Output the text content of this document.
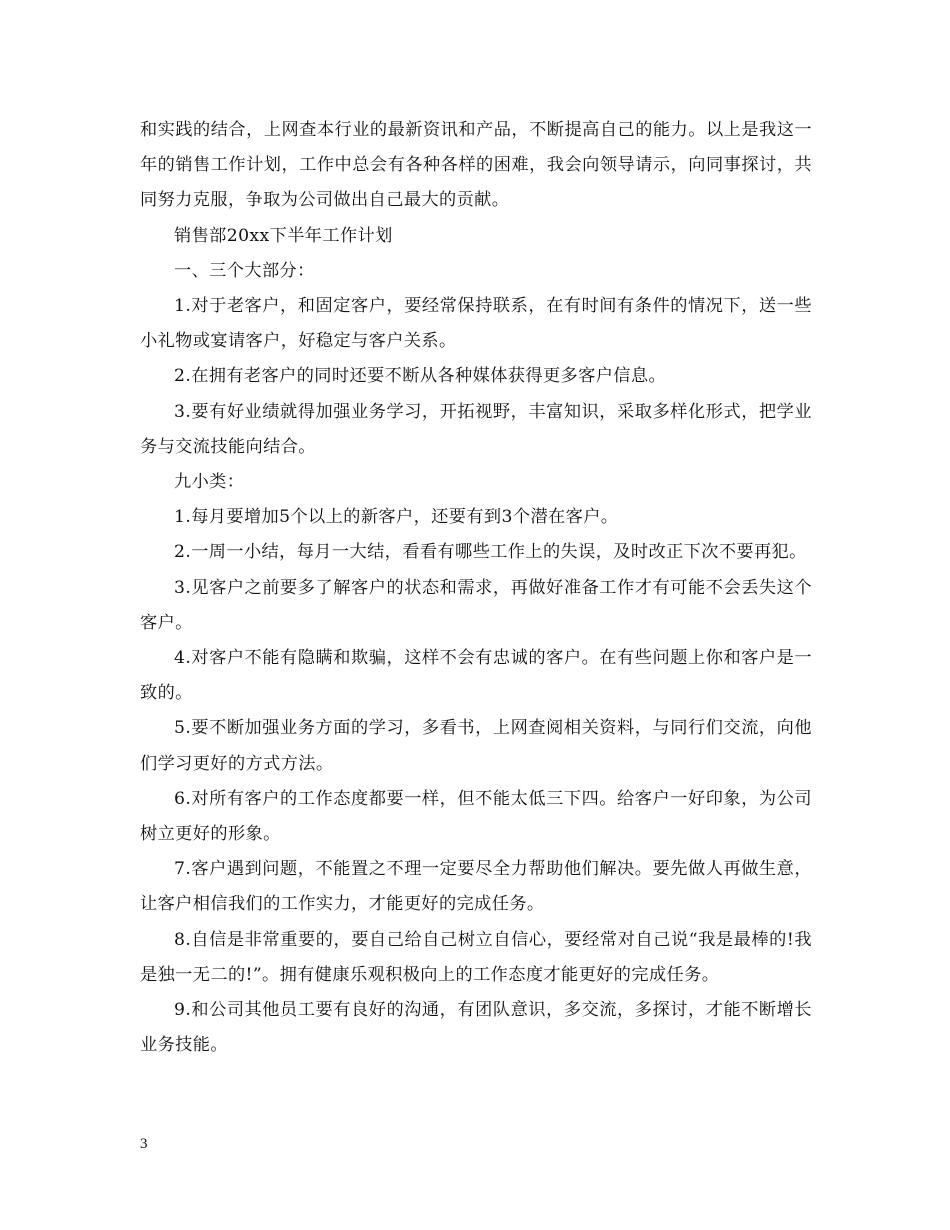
和实践的结合，上网查本行业的最新资讯和产品，不断提高自己的能力。以上是我这一年的销售工作计划，工作中总会有各种各样的困难，我会向领导请示，向同事探讨，共同努力克服，争取为公司做出自己最大的贡献。

销售部20xx下半年工作计划

一、三个大部分：

1.对于老客户，和固定客户，要经常保持联系，在有时间有条件的情况下，送一些小礼物或宴请客户，好稳定与客户关系。

2.在拥有老客户的同时还要不断从各种媒体获得更多客户信息。

3.要有好业绩就得加强业务学习，开拓视野，丰富知识，采取多样化形式，把学业务与交流技能向结合。

九小类：

1.每月要增加5个以上的新客户，还要有到3个潜在客户。

2.一周一小结，每月一大结，看看有哪些工作上的失误，及时改正下次不要再犯。

3.见客户之前要多了解客户的状态和需求，再做好准备工作才有可能不会丢失这个客户。

4.对客户不能有隐瞒和欺骗，这样不会有忠诚的客户。在有些问题上你和客户是一致的。

5.要不断加强业务方面的学习，多看书，上网查阅相关资料，与同行们交流，向他们学习更好的方式方法。

6.对所有客户的工作态度都要一样，但不能太低三下四。给客户一好印象，为公司树立更好的形象。

7.客户遇到问题，不能置之不理一定要尽全力帮助他们解决。要先做人再做生意，让客户相信我们的工作实力，才能更好的完成任务。

8.自信是非常重要的，要自己给自己树立自信心，要经常对自己说“我是最棒的!我是独一无二的!”。拥有健康乐观积极向上的工作态度才能更好的完成任务。

9.和公司其他员工要有良好的沟通，有团队意识，多交流，多探讨，才能不断增长业务技能。

3
